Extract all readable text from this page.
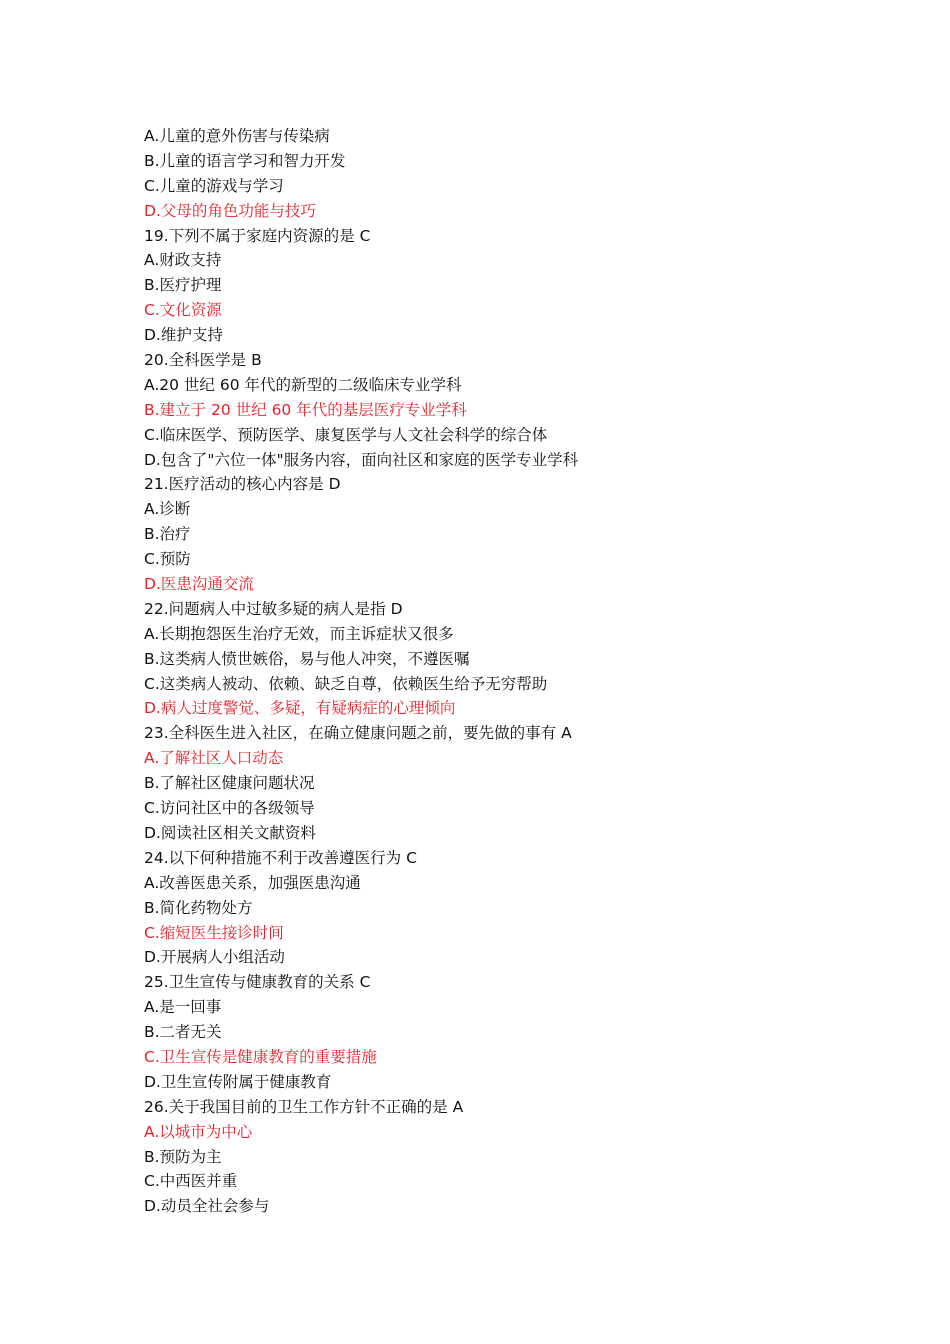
A.儿童的意外伤害与传染病
B.儿童的语言学习和智力开发
C.儿童的游戏与学习
D.父母的角色功能与技巧
19.下列不属于家庭内资源的是 C
A.财政支持
B.医疗护理
C.文化资源
D.维护支持
20.全科医学是 B
A.20 世纪 60 年代的新型的二级临床专业学科
B.建立于 20 世纪 60 年代的基层医疗专业学科
C.临床医学、预防医学、康复医学与人文社会科学的综合体
D.包含了"六位一体"服务内容，面向社区和家庭的医学专业学科
21.医疗活动的核心内容是 D
A.诊断
B.治疗
C.预防
D.医患沟通交流
22.问题病人中过敏多疑的病人是指 D
A.长期抱怨医生治疗无效，而主诉症状又很多
B.这类病人愤世嫉俗，易与他人冲突，不遵医嘱
C.这类病人被动、依赖、缺乏自尊，依赖医生给予无穷帮助
D.病人过度警觉、多疑，有疑病症的心理倾向
23.全科医生进入社区，在确立健康问题之前，要先做的事有 A
A.了解社区人口动态
B.了解社区健康问题状况
C.访问社区中的各级领导
D.阅读社区相关文献资料
24.以下何种措施不利于改善遵医行为 C
A.改善医患关系，加强医患沟通
B.简化药物处方
C.缩短医生接诊时间
D.开展病人小组活动
25.卫生宣传与健康教育的关系 C
A.是一回事
B.二者无关
C.卫生宣传是健康教育的重要措施
D.卫生宣传附属于健康教育
26.关于我国目前的卫生工作方针不正确的是 A
A.以城市为中心
B.预防为主
C.中西医并重
D.动员全社会参与
